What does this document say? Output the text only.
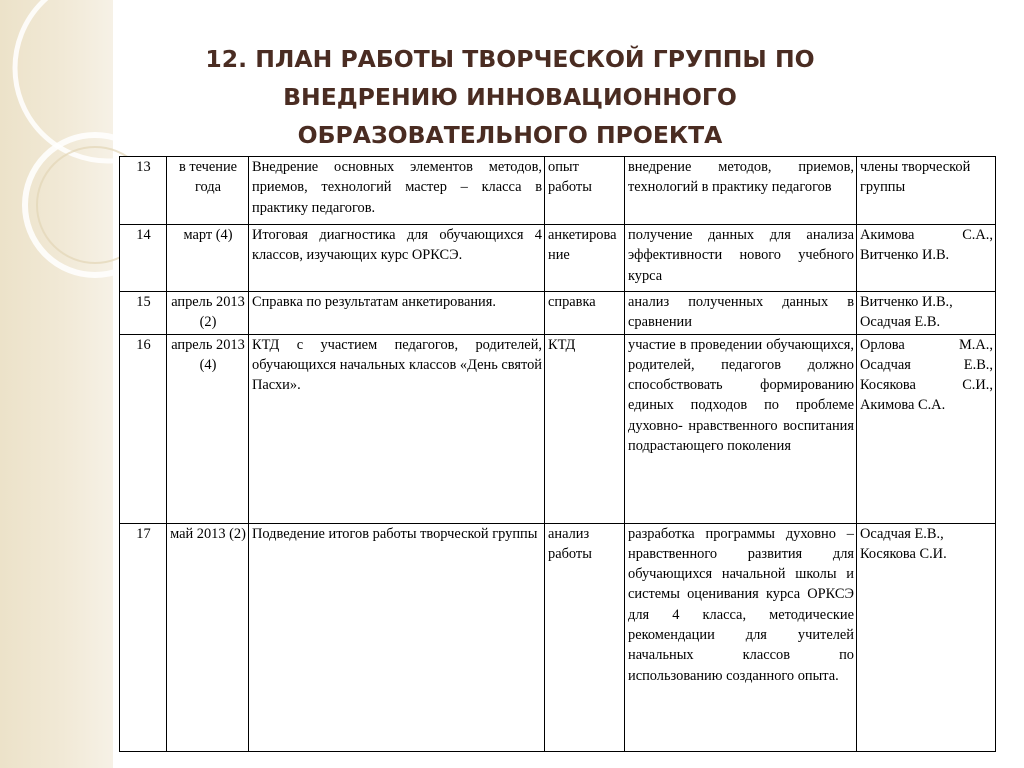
12. ПЛАН РАБОТЫ ТВОРЧЕСКОЙ ГРУППЫ ПО
ВНЕДРЕНИЮ ИННОВАЦИОННОГО
ОБРАЗОВАТЕЛЬНОГО ПРОЕКТА
13	в течение года	Внедрение основных элементов методов, приемов, технологий мастер – класса в практику педагогов.	опыт работы	внедрение методов, приемов, технологий в практику педагогов	члены творческой группы
14	март (4)	Итоговая диагностика для обучающихся 4 классов, изучающих курс ОРКСЭ.	анкетирование	получение данных для анализа эффективности нового учебного курса	Акимова С.А., Витченко И.В.
15	апрель 2013 (2)	Справка по результатам анкетирования.	справка	анализ полученных данных в сравнении	Витченко И.В., Осадчая Е.В.
16	апрель 2013 (4)	КТД с участием педагогов, родителей, обучающихся начальных классов «День святой Пасхи».	КТД	участие в проведении обучающихся, родителей, педагогов должно способствовать формированию единых подходов по проблеме духовно- нравственного воспитания подрастающего поколения	Орлова М.А., Осадчая Е.В., Косякова С.И., Акимова С.А.
17	май 2013 (2)	Подведение итогов работы творческой группы	анализ работы	разработка программы духовно – нравственного развития для обучающихся начальной школы и системы оценивания курса ОРКСЭ для 4 класса, методические рекомендации для учителей начальных классов по использованию созданного опыта.	Осадчая Е.В., Косякова С.И.
